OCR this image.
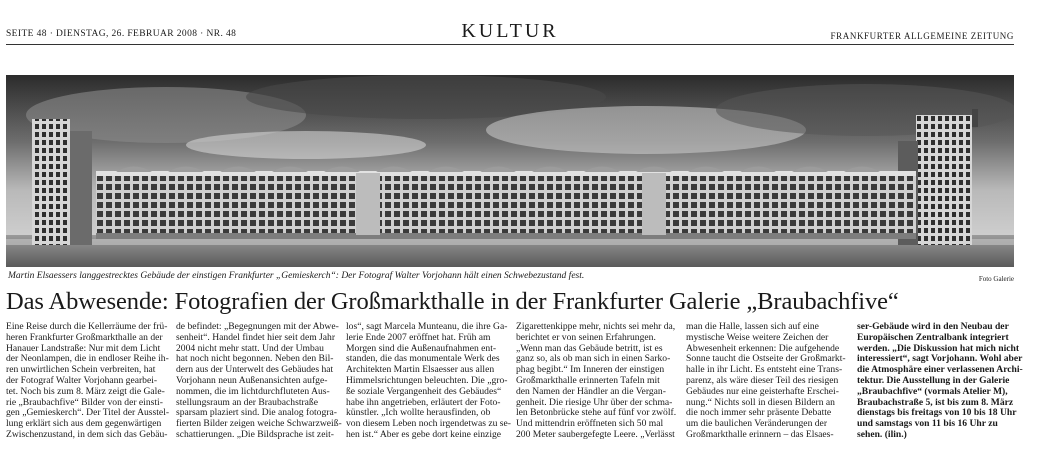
SEITE 48 · DIENSTAG, 26. FEBRUAR 2008 · NR. 48	KULTUR	FRANKFURTER ALLGEMEINE ZEITUNG
Martin Elsaessers langgestrecktes Gebäude der einstigen Frankfurter „Gemieskerch“: Der Fotograf Walter Vorjohann hält einen Schwebezustand fest.	Foto Galerie
Das Abwesende: Fotografien der Großmarkthalle in der Frankfurter Galerie „Braubachfive“
Eine Reise durch die Kellerräume der frü-
heren Frankfurter Großmarkthalle an der
Hanauer Landstraße: Nur mit dem Licht
der Neonlampen, die in endloser Reihe ih-
ren unwirtlichen Schein verbreiten, hat
der Fotograf Walter Vorjohann gearbei-
tet. Noch bis zum 8. März zeigt die Gale-
rie „Braubachfive“ Bilder von der einsti-
gen „Gemieskerch“. Der Titel der Ausstel-
lung erklärt sich aus dem gegenwärtigen
Zwischenzustand, in dem sich das Gebäu-
de befindet: „Begegnungen mit der Abwe-
senheit“. Handel findet hier seit dem Jahr
2004 nicht mehr statt. Und der Umbau
hat noch nicht begonnen. Neben den Bil-
dern aus der Unterwelt des Gebäudes hat
Vorjohann neun Außenansichten aufge-
nommen, die im lichtdurchfluteten Aus-
stellungsraum an der Braubachstraße
sparsam plaziert sind. Die analog fotogra-
fierten Bilder zeigen weiche Schwarzweiß-
schattierungen. „Die Bildsprache ist zeit-
los“, sagt Marcela Munteanu, die ihre Ga-
lerie Ende 2007 eröffnet hat. Früh am
Morgen sind die Außenaufnahmen ent-
standen, die das monumentale Werk des
Architekten Martin Elsaesser aus allen
Himmelsrichtungen beleuchten. Die „gro-
ße soziale Vergangenheit des Gebäudes“
habe ihn angetrieben, erläutert der Foto-
künstler. „Ich wollte herausfinden, ob
von diesem Leben noch irgendetwas zu se-
hen ist.“ Aber es gebe dort keine einzige
Zigarettenkippe mehr, nichts sei mehr da,
berichtet er von seinen Erfahrungen.
„Wenn man das Gebäude betritt, ist es
ganz so, als ob man sich in einen Sarko-
phag begibt.“ Im Inneren der einstigen
Großmarkthalle erinnerten Tafeln mit
den Namen der Händler an die Vergan-
genheit. Die riesige Uhr über der schma-
len Betonbrücke stehe auf fünf vor zwölf.
Und mittendrin eröffneten sich 50 mal
200 Meter saubergefegte Leere. „Verlässt
man die Halle, lassen sich auf eine
mystische Weise weitere Zeichen der
Abwesenheit erkennen: Die aufgehende
Sonne taucht die Ostseite der Großmarkt-
halle in ihr Licht. Es entsteht eine Trans-
parenz, als wäre dieser Teil des riesigen
Gebäudes nur eine geisterhafte Erschei-
nung.“ Nichts soll in diesen Bildern an
die noch immer sehr präsente Debatte
um die baulichen Veränderungen der
Großmarkthalle erinnern – das Elsaes-
ser-Gebäude wird in den Neubau der
Europäischen Zentralbank integriert
werden. „Die Diskussion hat mich nicht
interessiert“, sagt Vorjohann. Wohl aber
die Atmosphäre einer verlassenen Archi-
tektur. Die Ausstellung in der Galerie
„Braubachfive“ (vormals Atelier M),
Braubachstraße 5, ist bis zum 8. März
dienstags bis freitags von 10 bis 18 Uhr
und samstags von 11 bis 16 Uhr zu
sehen. (ilin.)
